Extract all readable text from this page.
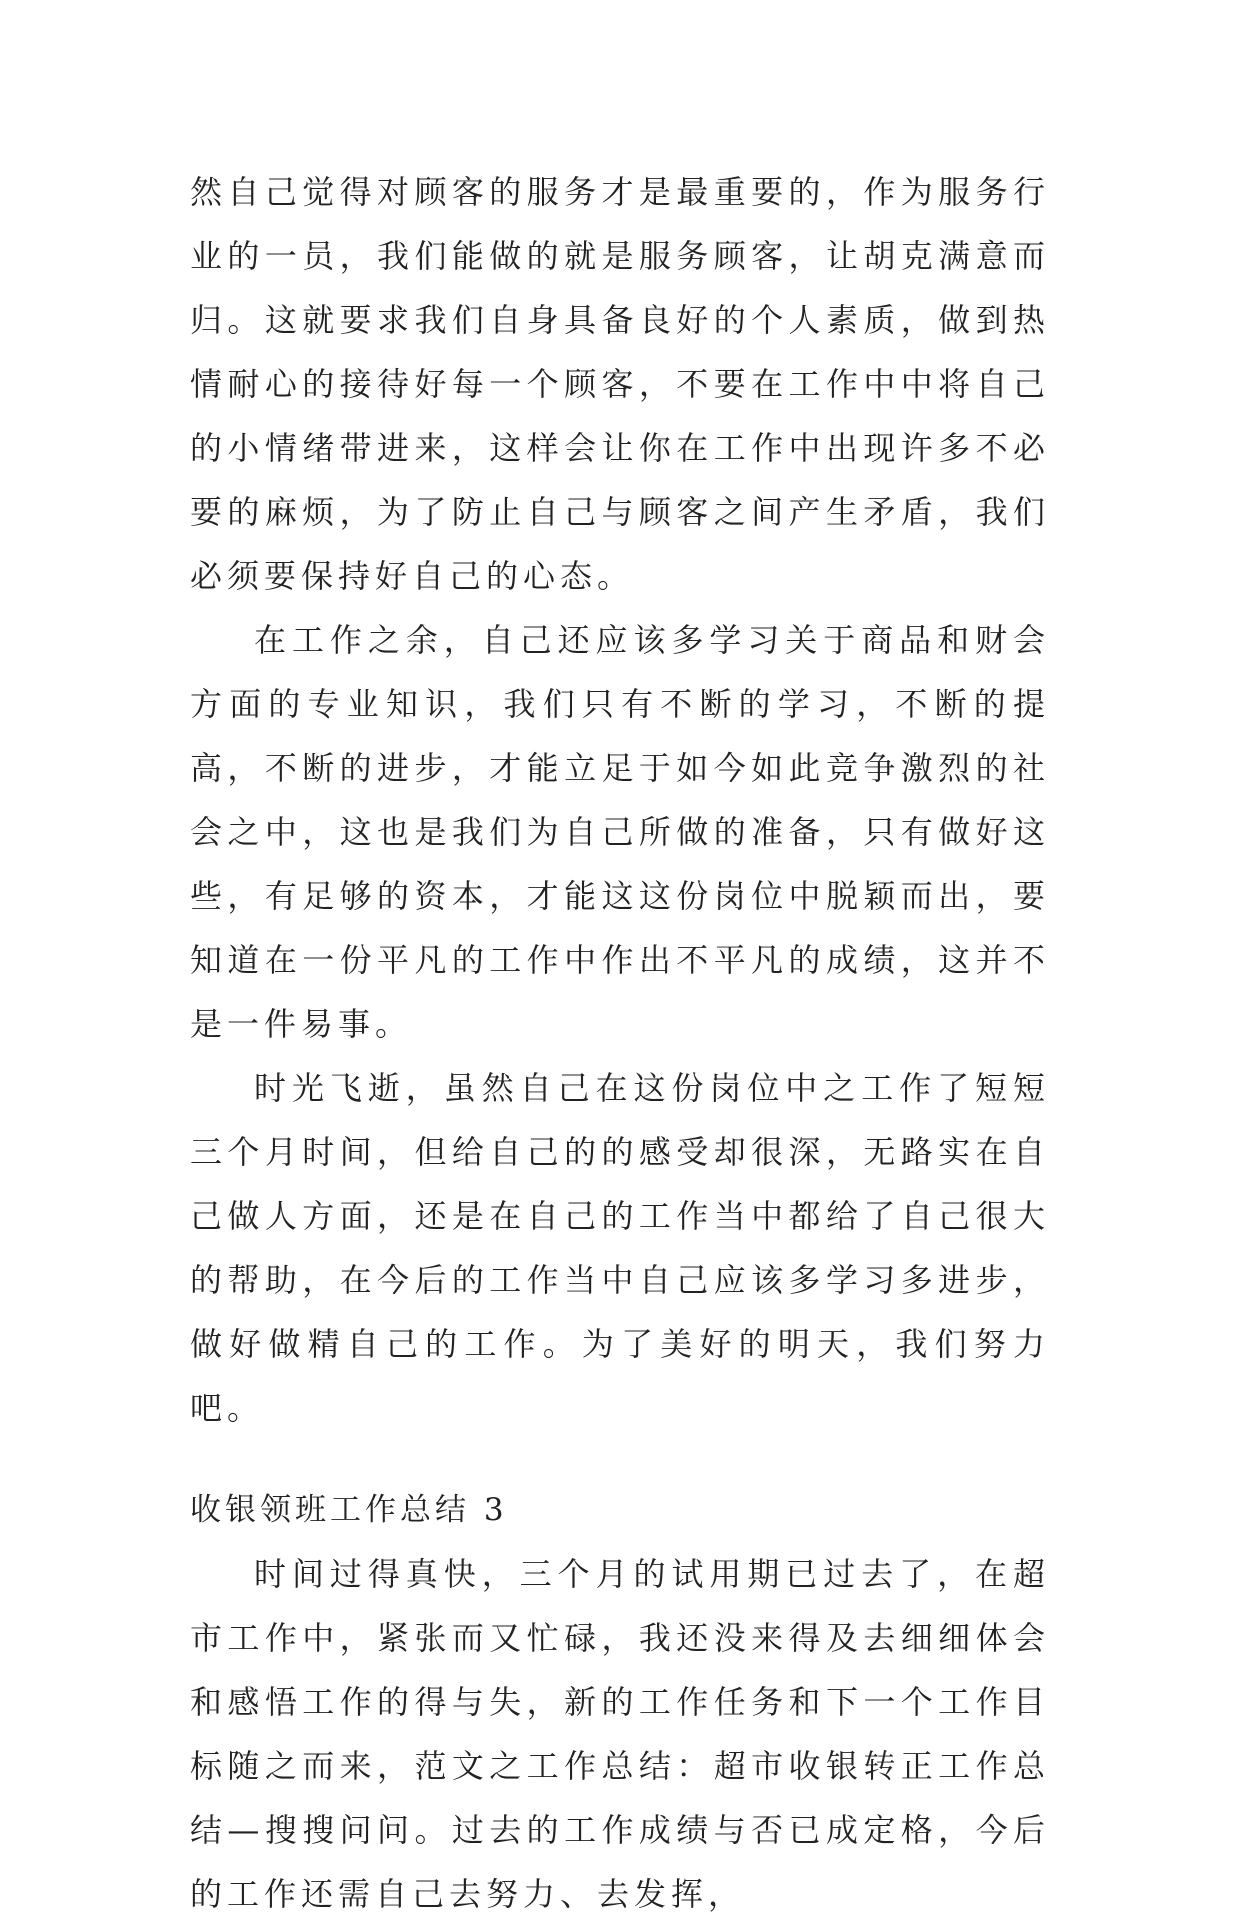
然自己觉得对顾客的服务才是最重要的，作为服务行业的一员，我们能做的就是服务顾客，让胡克满意而归。这就要求我们自身具备良好的个人素质，做到热情耐心的接待好每一个顾客，不要在工作中中将自己的小情绪带进来，这样会让你在工作中出现许多不必要的麻烦，为了防止自己与顾客之间产生矛盾，我们必须要保持好自己的心态。

在工作之余，自己还应该多学习关于商品和财会方面的专业知识，我们只有不断的学习，不断的提高，不断的进步，才能立足于如今如此竞争激烈的社会之中，这也是我们为自己所做的准备，只有做好这些，有足够的资本，才能这这份岗位中脱颖而出，要知道在一份平凡的工作中作出不平凡的成绩，这并不是一件易事。

时光飞逝，虽然自己在这份岗位中之工作了短短三个月时间，但给自己的的感受却很深，无路实在自己做人方面，还是在自己的工作当中都给了自己很大的帮助，在今后的工作当中自己应该多学习多进步，做好做精自己的工作。为了美好的明天，我们努力吧。

收银领班工作总结 3

时间过得真快，三个月的试用期已过去了，在超市工作中，紧张而又忙碌，我还没来得及去细细体会和感悟工作的得与失，新的工作任务和下一个工作目标随之而来，范文之工作总结：超市收银转正工作总结—搜搜问问。过去的工作成绩与否已成定格，今后的工作还需自己去努力、去发挥，
